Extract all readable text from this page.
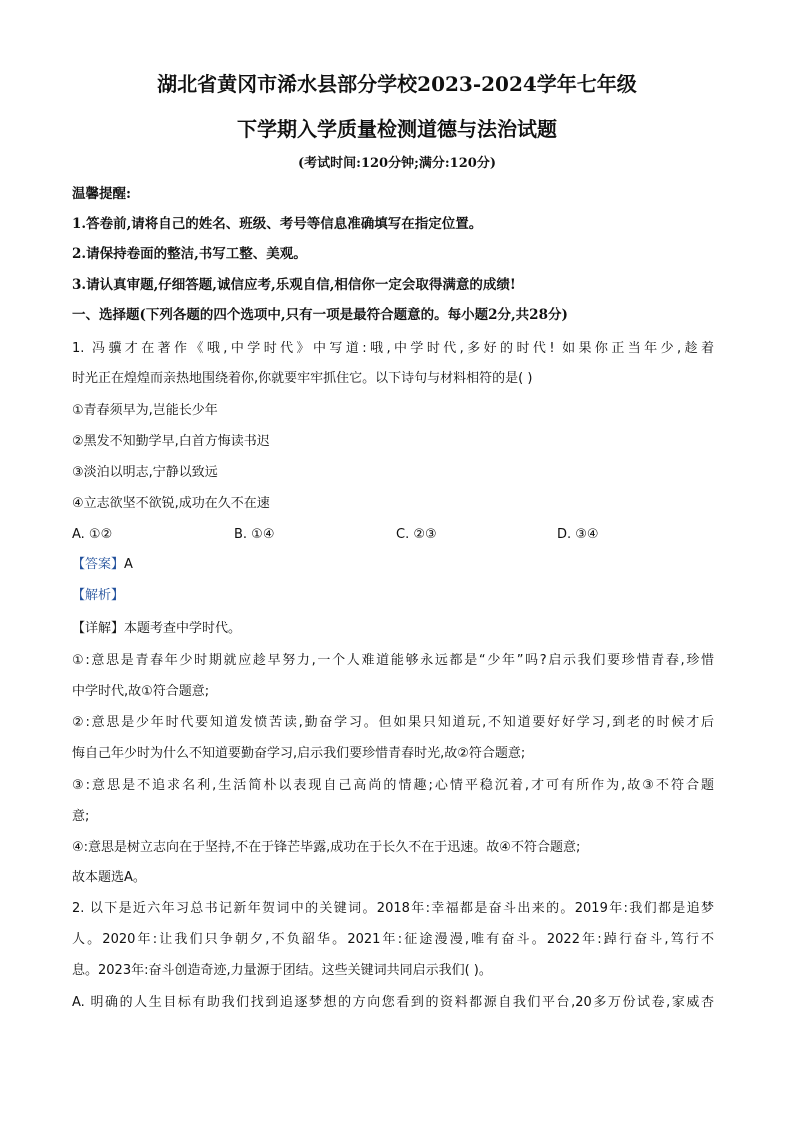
湖北省黄冈市浠水县部分学校2023-2024学年七年级
下学期入学质量检测道德与法治试题
(考试时间:120分钟;满分:120分)
温馨提醒:
1.答卷前,请将自己的姓名、班级、考号等信息准确填写在指定位置。
2.请保持卷面的整洁,书写工整、美观。
3.请认真审题,仔细答题,诚信应考,乐观自信,相信你一定会取得满意的成绩!
一、选择题(下列各题的四个选项中,只有一项是最符合题意的。每小题2分,共28分)
1. 冯骥才在著作《哦,中学时代》中写道:哦,中学时代,多好的时代! 如果你正当年少,趁着
时光正在煌煌而亲热地围绕着你,你就要牢牢抓住它。以下诗句与材料相符的是( )
①青春须早为,岂能长少年
②黑发不知勤学早,白首方悔读书迟
③淡泊以明志,宁静以致远
④立志欲坚不欲锐,成功在久不在速
A. ①②	B. ①④	C. ②③	D. ③④
【答案】A
【解析】
【详解】本题考查中学时代。
①:意思是青春年少时期就应趁早努力,一个人难道能够永远都是“少年”吗?启示我们要珍惜青春,珍惜
中学时代,故①符合题意;
②:意思是少年时代要知道发愤苦读,勤奋学习。但如果只知道玩,不知道要好好学习,到老的时候才后
悔自己年少时为什么不知道要勤奋学习,启示我们要珍惜青春时光,故②符合题意;
③:意思是不追求名利,生活简朴以表现自己高尚的情趣;心情平稳沉着,才可有所作为,故③不符合题
意;
④:意思是树立志向在于坚持,不在于锋芒毕露,成功在于长久不在于迅速。故④不符合题意;
故本题选A。
2. 以下是近六年习总书记新年贺词中的关键词。2018年:幸福都是奋斗出来的。2019年:我们都是追梦
人。2020年:让我们只争朝夕,不负韶华。2021年:征途漫漫,唯有奋斗。2022年:踔行奋斗,笃行不
息。2023年:奋斗创造奇迹,力量源于团结。这些关键词共同启示我们( )。
A. 明确的人生目标有助我们找到追逐梦想的方向您看到的资料都源自我们平台,20多万份试卷,家威杏
